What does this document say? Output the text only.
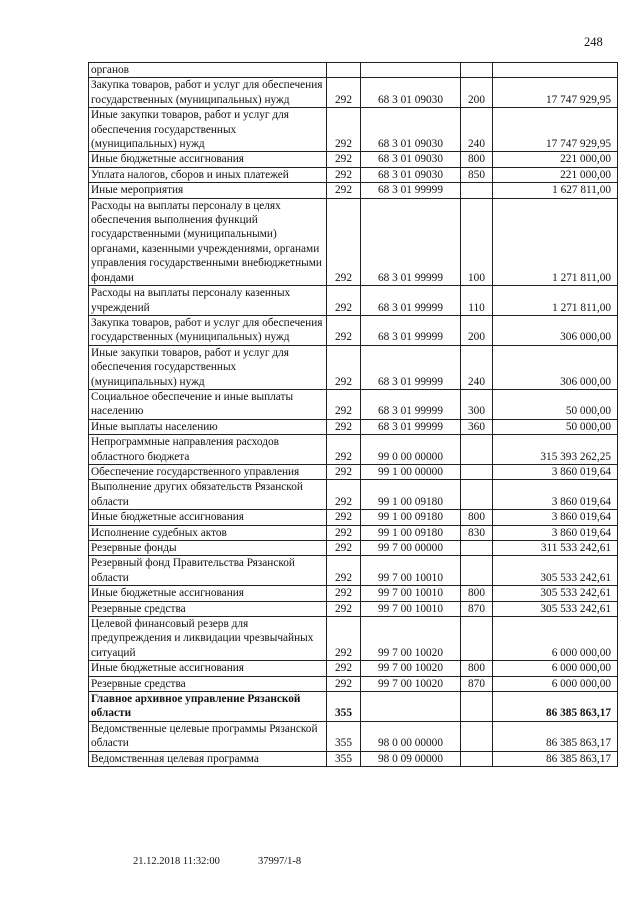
248
органов				
Закупка товаров, работ и услуг для обеспечения государственных (муниципальных) нужд	292	68 3 01 09030	200	17 747 929,95
Иные закупки товаров, работ и услуг для обеспечения государственных (муниципальных) нужд	292	68 3 01 09030	240	17 747 929,95
Иные бюджетные ассигнования	292	68 3 01 09030	800	221 000,00
Уплата налогов, сборов и иных платежей	292	68 3 01 09030	850	221 000,00
Иные мероприятия	292	68 3 01 99999		1 627 811,00
Расходы на выплаты персоналу в целях обеспечения выполнения функций государственными (муниципальными) органами, казенными учреждениями, органами управления государственными внебюджетными фондами	292	68 3 01 99999	100	1 271 811,00
Расходы на выплаты персоналу казенных учреждений	292	68 3 01 99999	110	1 271 811,00
Закупка товаров, работ и услуг для обеспечения государственных (муниципальных) нужд	292	68 3 01 99999	200	306 000,00
Иные закупки товаров, работ и услуг для обеспечения государственных (муниципальных) нужд	292	68 3 01 99999	240	306 000,00
Социальное обеспечение и иные выплаты населению	292	68 3 01 99999	300	50 000,00
Иные выплаты населению	292	68 3 01 99999	360	50 000,00
Непрограммные направления расходов областного бюджета	292	99 0 00 00000		315 393 262,25
Обеспечение государственного управления	292	99 1 00 00000		3 860 019,64
Выполнение других обязательств Рязанской области	292	99 1 00 09180		3 860 019,64
Иные бюджетные ассигнования	292	99 1 00 09180	800	3 860 019,64
Исполнение судебных актов	292	99 1 00 09180	830	3 860 019,64
Резервные фонды	292	99 7 00 00000		311 533 242,61
Резервный фонд Правительства Рязанской области	292	99 7 00 10010		305 533 242,61
Иные бюджетные ассигнования	292	99 7 00 10010	800	305 533 242,61
Резервные средства	292	99 7 00 10010	870	305 533 242,61
Целевой финансовый резерв для предупреждения и ликвидации чрезвычайных ситуаций	292	99 7 00 10020		6 000 000,00
Иные бюджетные ассигнования	292	99 7 00 10020	800	6 000 000,00
Резервные средства	292	99 7 00 10020	870	6 000 000,00
Главное архивное управление Рязанской области	355			86 385 863,17
Ведомственные целевые программы Рязанской области	355	98 0 00 00000		86 385 863,17
Ведомственная целевая программа	355	98 0 09 00000		86 385 863,17
21.12.2018 11:32:00	37997/1-8
